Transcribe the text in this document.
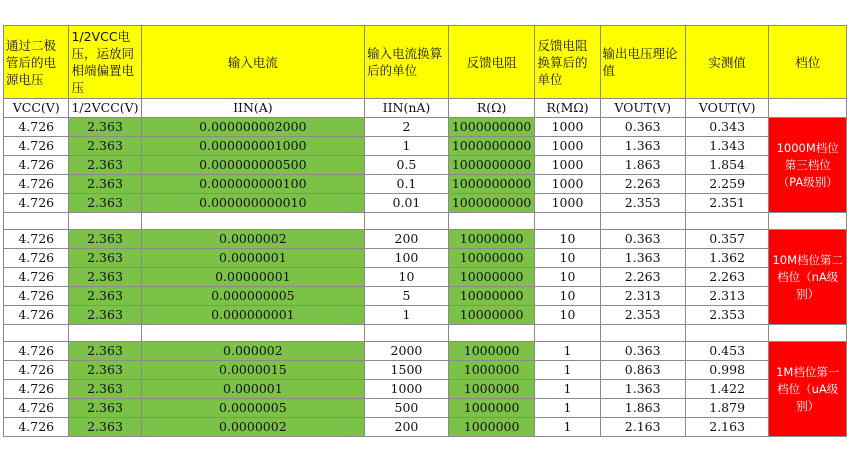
通过二极管后的电源电压	1/2VCC电压，运放同相端偏置电压	输入电流	输入电流换算后的单位	反馈电阻	反馈电阻换算后的单位	输出电压理论值	实测值	档位
VCC(V)	1/2VCC(V)	IIN(A)	IIN(nA)	R(Ω)	R(MΩ)	VOUT(V)	VOUT(V)	
4.726	2.363	0.000000002000	2	1000000000	1000	0.363	0.343	1000M档位第三档位（PA级别）
4.726	2.363	0.000000001000	1	1000000000	1000	1.363	1.343	
4.726	2.363	0.000000000500	0.5	1000000000	1000	1.863	1.854	
4.726	2.363	0.000000000100	0.1	1000000000	1000	2.263	2.259	
4.726	2.363	0.000000000010	0.01	1000000000	1000	2.353	2.351	

4.726	2.363	0.0000002	200	10000000	10	0.363	0.357	10M档位第二档位（nA级别）
4.726	2.363	0.0000001	100	10000000	10	1.363	1.362	
4.726	2.363	0.00000001	10	10000000	10	2.263	2.263	
4.726	2.363	0.000000005	5	10000000	10	2.313	2.313	
4.726	2.363	0.000000001	1	10000000	10	2.353	2.353	

4.726	2.363	0.000002	2000	1000000	1	0.363	0.453	1M档位第一档位（uA级别）
4.726	2.363	0.0000015	1500	1000000	1	0.863	0.998	
4.726	2.363	0.000001	1000	1000000	1	1.363	1.422	
4.726	2.363	0.0000005	500	1000000	1	1.863	1.879	
4.726	2.363	0.0000002	200	1000000	1	2.163	2.163	
